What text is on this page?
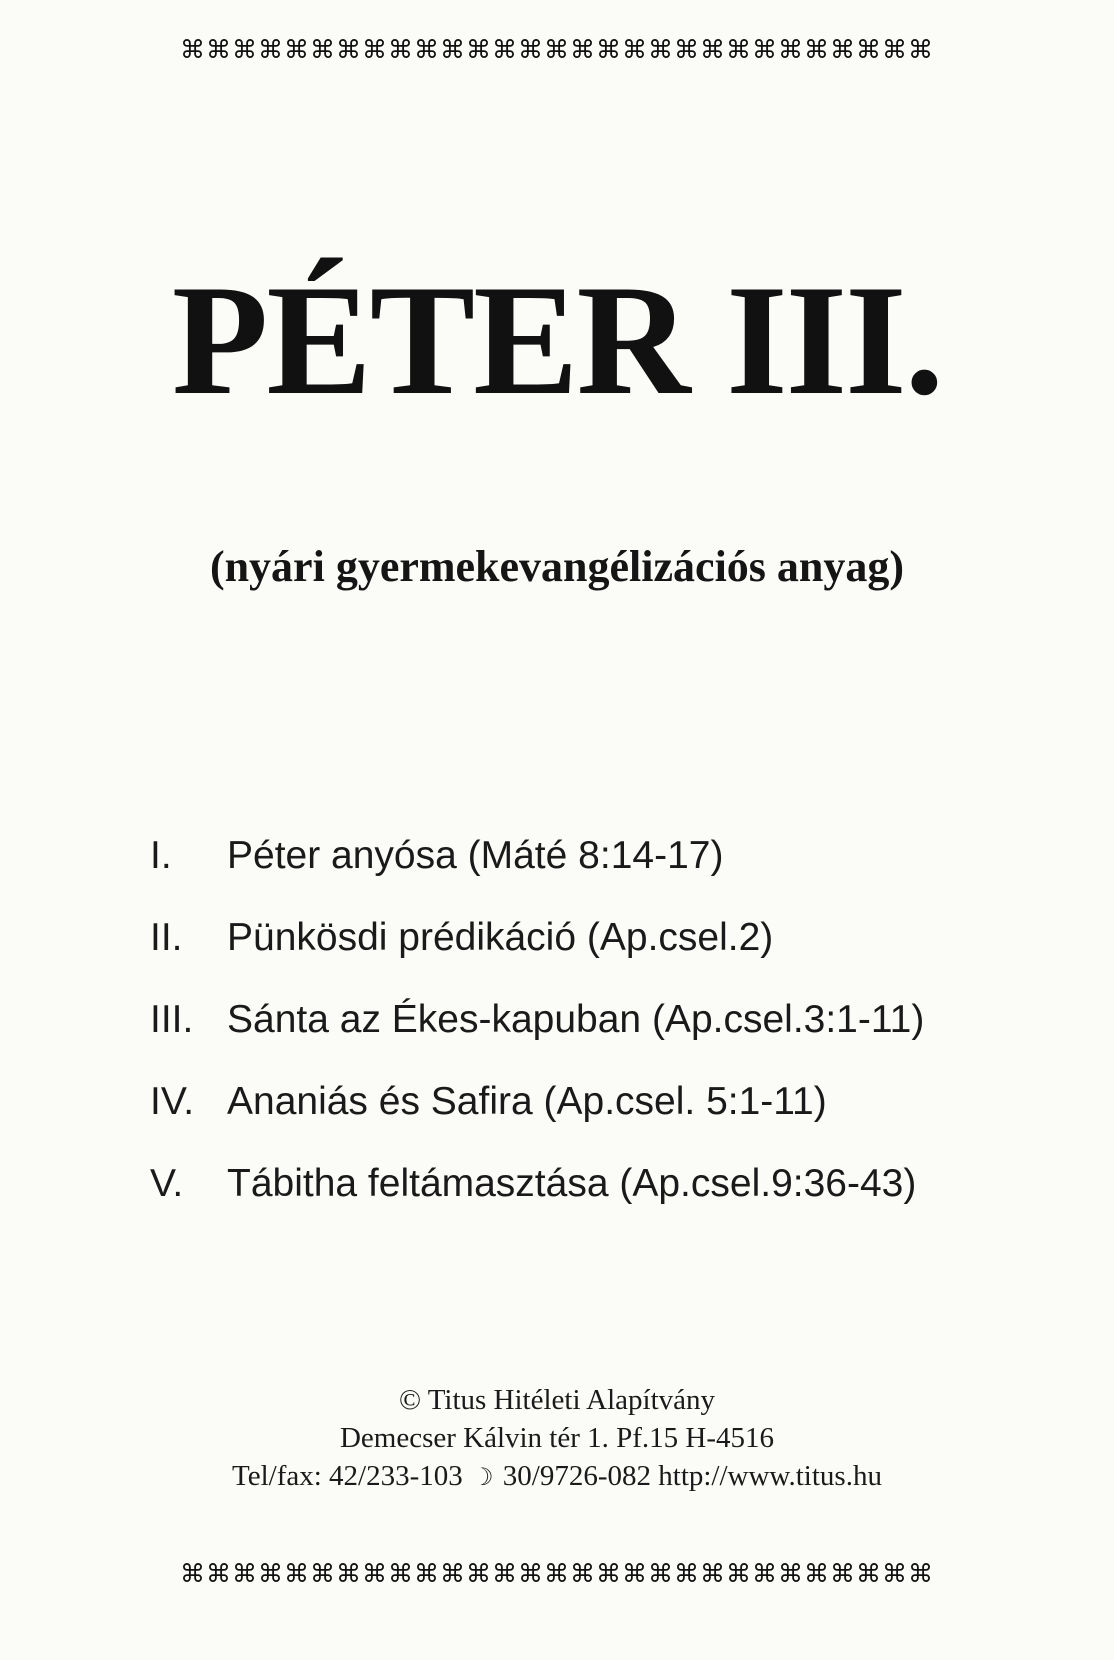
⌘⌘⌘⌘⌘⌘⌘⌘⌘⌘⌘⌘⌘⌘⌘⌘⌘⌘⌘⌘⌘⌘⌘⌘⌘⌘⌘⌘⌘
PÉTER III.
(nyári gyermekevangélizációs anyag)
I. Péter anyósa (Máté 8:14-17)
II. Pünkösdi prédikáció (Ap.csel.2)
III. Sánta az Ékes-kapuban (Ap.csel.3:1-11)
IV. Ananiás és Safira (Ap.csel. 5:1-11)
V. Tábitha feltámasztása (Ap.csel.9:36-43)
© Titus Hitéleti Alapítvány
Demecser Kálvin tér 1. Pf.15 H-4516
Tel/fax: 42/233-103 ☽ 30/9726-082 http://www.titus.hu
⌘⌘⌘⌘⌘⌘⌘⌘⌘⌘⌘⌘⌘⌘⌘⌘⌘⌘⌘⌘⌘⌘⌘⌘⌘⌘⌘⌘⌘
